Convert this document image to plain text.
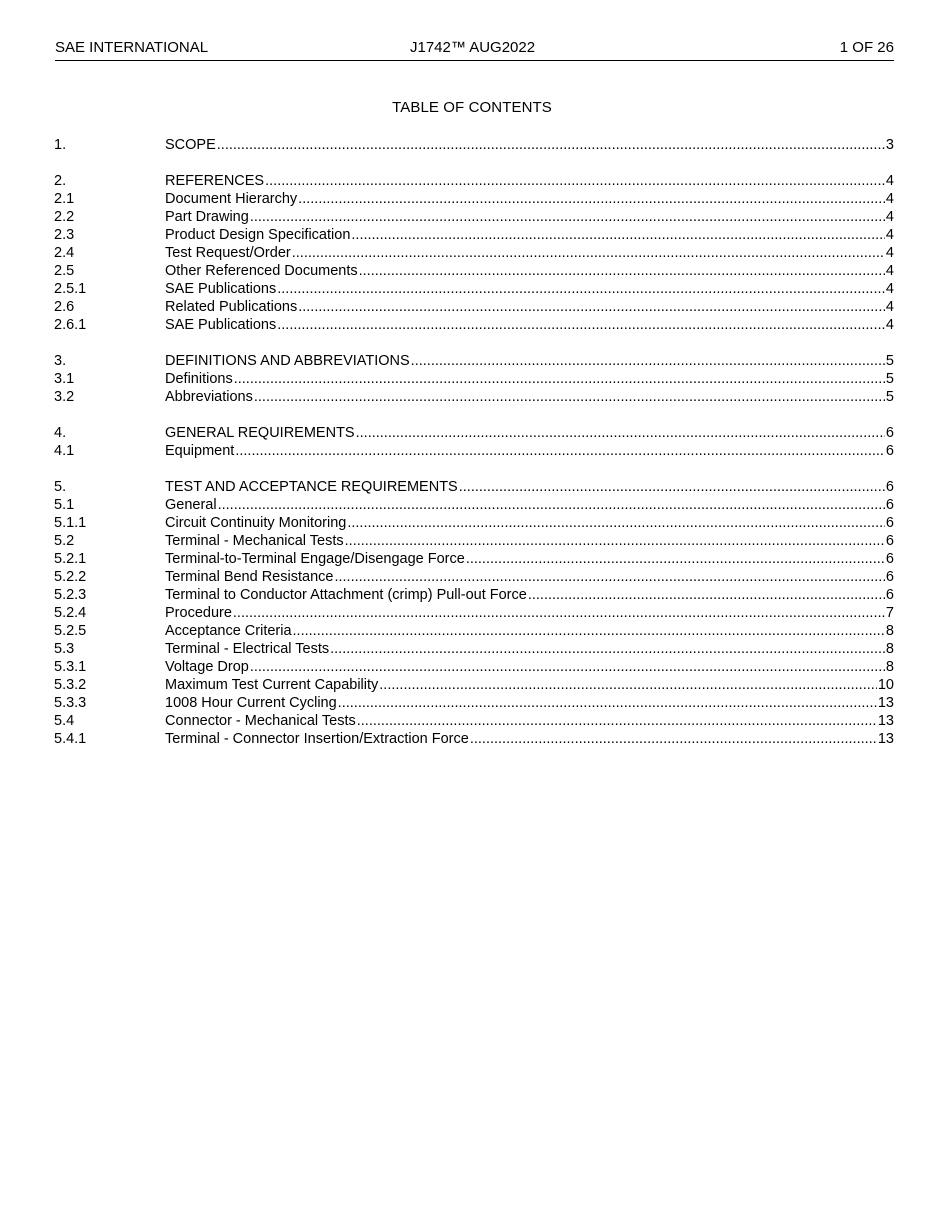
SAE INTERNATIONAL	J1742™ AUG2022	1 OF 26
TABLE OF CONTENTS
1.	SCOPE .....	3
2.	REFERENCES .....	4
2.1	Document Hierarchy .....	4
2.2	Part Drawing .....	4
2.3	Product Design Specification .....	4
2.4	Test Request/Order .....	4
2.5	Other Referenced Documents .....	4
2.5.1	SAE Publications .....	4
2.6	Related Publications .....	4
2.6.1	SAE Publications .....	4
3.	DEFINITIONS AND ABBREVIATIONS .....	5
3.1	Definitions .....	5
3.2	Abbreviations .....	5
4.	GENERAL REQUIREMENTS .....	6
4.1	Equipment .....	6
5.	TEST AND ACCEPTANCE REQUIREMENTS .....	6
5.1	General .....	6
5.1.1	Circuit Continuity Monitoring .....	6
5.2	Terminal - Mechanical Tests .....	6
5.2.1	Terminal-to-Terminal Engage/Disengage Force .....	6
5.2.2	Terminal Bend Resistance .....	6
5.2.3	Terminal to Conductor Attachment (crimp) Pull-out Force .....	6
5.2.4	Procedure .....	7
5.2.5	Acceptance Criteria .....	8
5.3	Terminal - Electrical Tests .....	8
5.3.1	Voltage Drop .....	8
5.3.2	Maximum Test Current Capability .....	10
5.3.3	1008 Hour Current Cycling .....	13
5.4	Connector - Mechanical Tests .....	13
5.4.1	Terminal - Connector Insertion/Extraction Force .....	13
